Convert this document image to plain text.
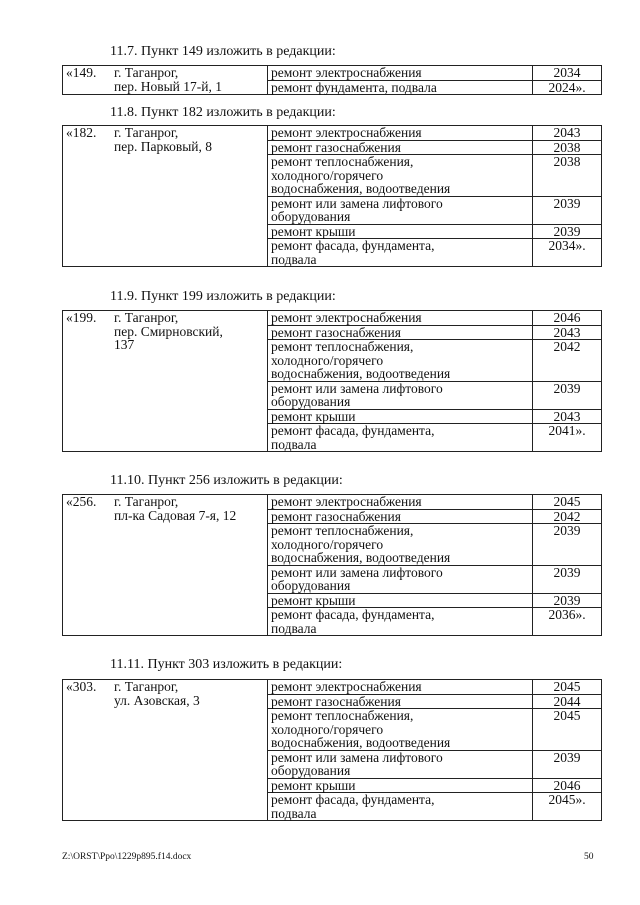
11.7. Пункт 149 изложить в редакции:
«149.	г. Таганрог,
пер. Новый 17-й, 1	ремонт электроснабжения	2034

		ремонт фундамента, подвала	2024».
11.8. Пункт 182 изложить в редакции:
«182.	г. Таганрог,
пер. Парковый, 8	ремонт электроснабжения	2043

		ремонт газоснабжения	2038

		ремонт теплоснабжения,
холодного/горячего
водоснабжения, водоотведения	2038

		ремонт или замена лифтового
оборудования	2039

		ремонт крыши	2039

		ремонт фасада, фундамента,
подвала	2034».
11.9. Пункт 199 изложить в редакции:
«199.	г. Таганрог,
пер. Смирновский,
137	ремонт электроснабжения	2046

		ремонт газоснабжения	2043

		ремонт теплоснабжения,
холодного/горячего
водоснабжения, водоотведения	2042

		ремонт или замена лифтового
оборудования	2039

		ремонт крыши	2043

		ремонт фасада, фундамента,
подвала	2041».
11.10. Пункт 256 изложить в редакции:
«256.	г. Таганрог,
пл-ка Садовая 7-я, 12	ремонт электроснабжения	2045

		ремонт газоснабжения	2042

		ремонт теплоснабжения,
холодного/горячего
водоснабжения, водоотведения	2039

		ремонт или замена лифтового
оборудования	2039

		ремонт крыши	2039

		ремонт фасада, фундамента,
подвала	2036».
11.11. Пункт 303 изложить в редакции:
«303.	г. Таганрог,
ул. Азовская, 3	ремонт электроснабжения	2045

		ремонт газоснабжения	2044

		ремонт теплоснабжения,
холодного/горячего
водоснабжения, водоотведения	2045

		ремонт или замена лифтового
оборудования	2039

		ремонт крыши	2046

		ремонт фасада, фундамента,
подвала	2045».
Z:\ORST\Ppo\1229p895.f14.docx	50
